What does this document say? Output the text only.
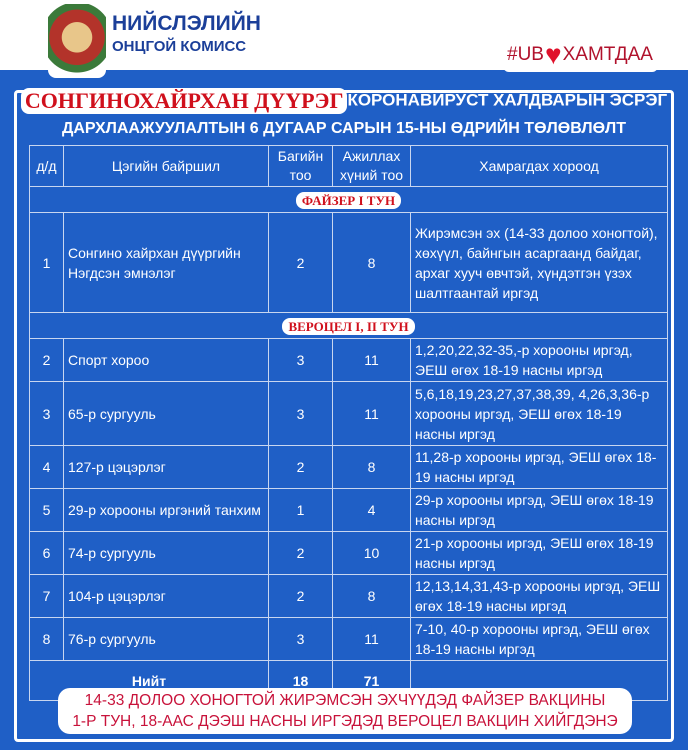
НИЙСЛЭЛИЙН
ОНЦГОЙ КОМИСС	#UB ♥ ХАМТДАА
СОНГИНОХАЙРХАН ДҮҮРЭГ КОРОНАВИРУСТ ХАЛДВАРЫН ЭСРЭГ
ДАРХЛААЖУУЛАЛТЫН 6 ДУГААР САРЫН 15-НЫ ӨДРИЙН ТӨЛӨВЛӨЛТ
д/д	Цэгийн байршил	Багийн тоо	Ажиллах хүний тоо	Хамрагдах хороод
ФАЙЗЕР I ТУН				
1	Сонгино хайрхан дүүргийн Нэгдсэн эмнэлэг	2	8	Жирэмсэн эх (14-33 долоо хоногтой), хөхүүл, байнгын асаргаанд байдаг, архаг хууч өвчтэй, хүндэтгэн үзэх шалтгаантай иргэд
ВЕРОЦЕЛ I, II ТУН				
2	Спорт хороо	3	11	1,2,20,22,32-35,-р хорооны иргэд, ЭЕШ өгөх 18-19 насны иргэд
3	65-р сургууль	3	11	5,6,18,19,23,27,37,38,39, 4,26,3,36-р хорооны иргэд, ЭЕШ өгөх 18-19 насны иргэд
4	127-р цэцэрлэг	2	8	11,28-р хорооны иргэд, ЭЕШ өгөх 18-19 насны иргэд
5	29-р хорооны иргэний танхим	1	4	29-р хорооны иргэд, ЭЕШ өгөх 18-19 насны иргэд
6	74-р сургууль	2	10	21-р хорооны иргэд, ЭЕШ өгөх 18-19 насны иргэд
7	104-р цэцэрлэг	2	8	12,13,14,31,43-р хорооны иргэд, ЭЕШ өгөх 18-19 насны иргэд
8	76-р сургууль	3	11	7-10, 40-р хорооны иргэд, ЭЕШ өгөх 18-19 насны иргэд
Нийт		18	71	
14-33 ДОЛОО ХОНОГТОЙ ЖИРЭМСЭН ЭХЧҮҮДЭД ФАЙЗЕР ВАКЦИНЫ
1-Р ТУН, 18-ААС ДЭЭШ НАСНЫ ИРГЭДЭД ВЕРОЦЕЛ ВАКЦИН ХИЙГДЭНЭ
